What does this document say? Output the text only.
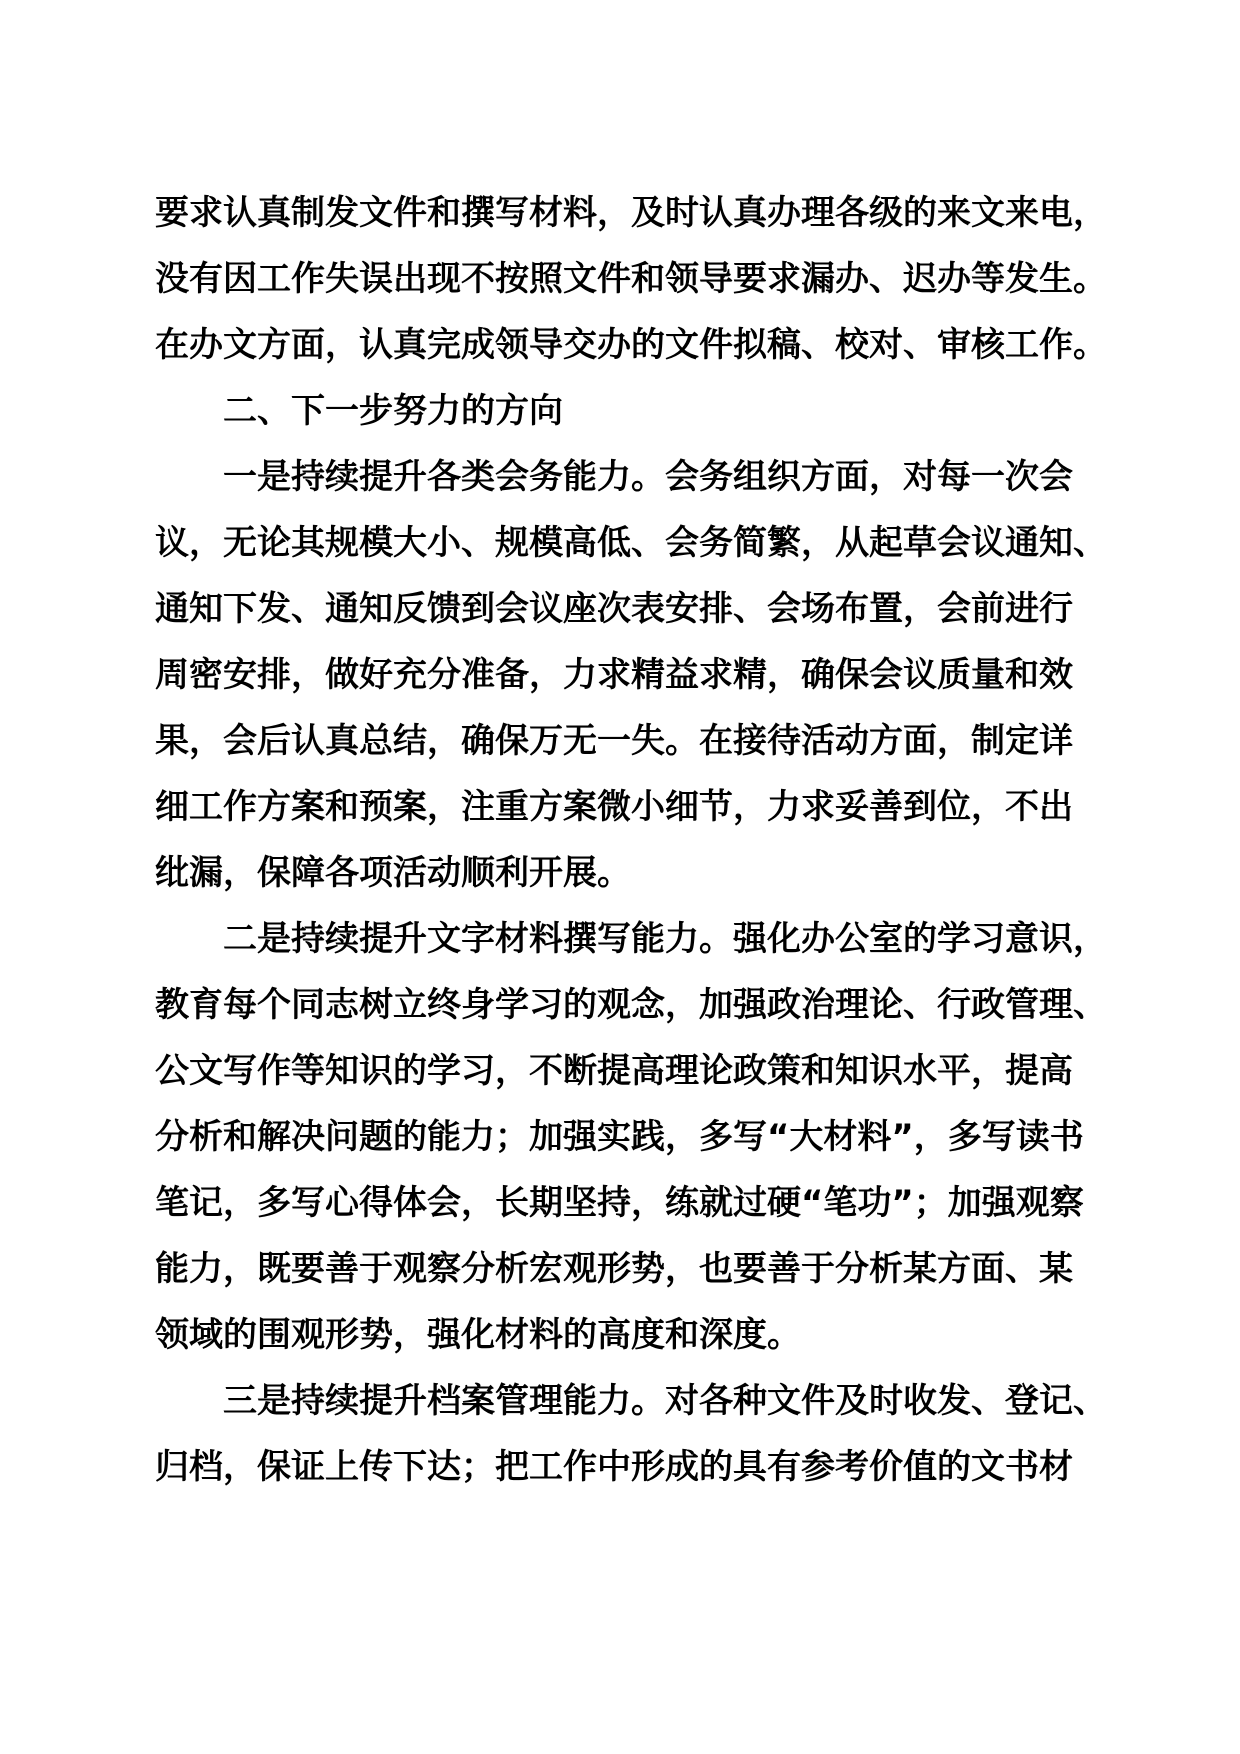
要求认真制发文件和撰写材料，及时认真办理各级的来文来电，

没有因工作失误出现不按照文件和领导要求漏办、迟办等发生。

在办文方面，认真完成领导交办的文件拟稿、校对、审核工作。

二、下一步努力的方向

一是持续提升各类会务能力。会务组织方面，对每一次会

议，无论其规模大小、规模高低、会务简繁，从起草会议通知、

通知下发、通知反馈到会议座次表安排、会场布置，会前进行

周密安排，做好充分准备，力求精益求精，确保会议质量和效

果，会后认真总结，确保万无一失。在接待活动方面，制定详

细工作方案和预案，注重方案微小细节，力求妥善到位，不出

纰漏，保障各项活动顺利开展。

二是持续提升文字材料撰写能力。强化办公室的学习意识，

教育每个同志树立终身学习的观念，加强政治理论、行政管理、

公文写作等知识的学习，不断提高理论政策和知识水平，提高

分析和解决问题的能力；加强实践，多写“大材料”，多写读书

笔记，多写心得体会，长期坚持，练就过硬“笔功”；加强观察

能力，既要善于观察分析宏观形势，也要善于分析某方面、某

领域的围观形势，强化材料的高度和深度。

三是持续提升档案管理能力。对各种文件及时收发、登记、

归档，保证上传下达；把工作中形成的具有参考价值的文书材
